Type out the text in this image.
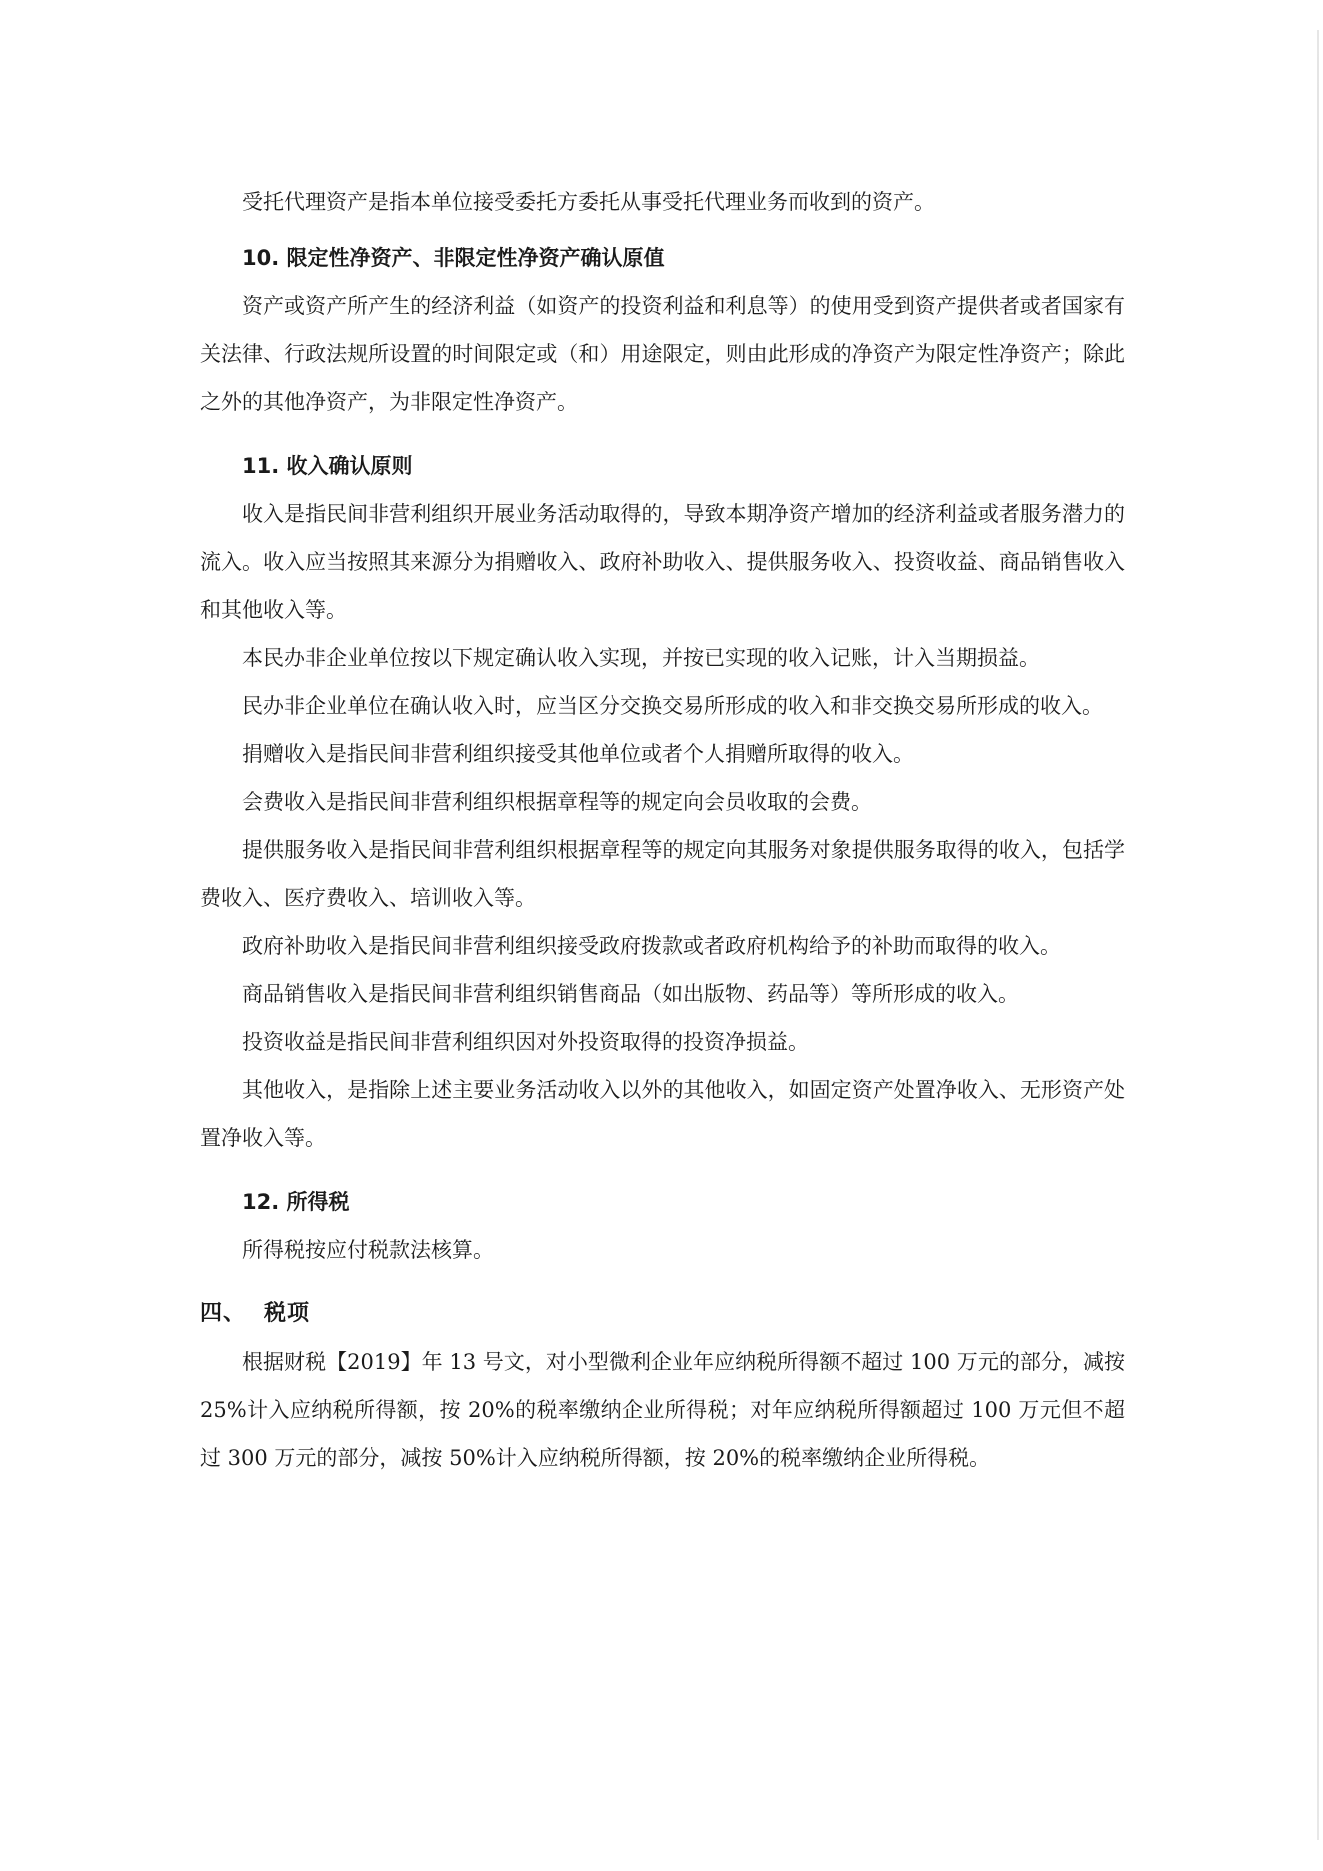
受托代理资产是指本单位接受委托方委托从事受托代理业务而收到的资产。

10. 限定性净资产、非限定性净资产确认原值

资产或资产所产生的经济利益（如资产的投资利益和利息等）的使用受到资产提供者或者国家有关法律、行政法规所设置的时间限定或（和）用途限定，则由此形成的净资产为限定性净资产；除此之外的其他净资产，为非限定性净资产。

11. 收入确认原则

收入是指民间非营利组织开展业务活动取得的，导致本期净资产增加的经济利益或者服务潜力的流入。收入应当按照其来源分为捐赠收入、政府补助收入、提供服务收入、投资收益、商品销售收入和其他收入等。

本民办非企业单位按以下规定确认收入实现，并按已实现的收入记账，计入当期损益。

民办非企业单位在确认收入时，应当区分交换交易所形成的收入和非交换交易所形成的收入。

捐赠收入是指民间非营利组织接受其他单位或者个人捐赠所取得的收入。

会费收入是指民间非营利组织根据章程等的规定向会员收取的会费。

提供服务收入是指民间非营利组织根据章程等的规定向其服务对象提供服务取得的收入，包括学费收入、医疗费收入、培训收入等。

政府补助收入是指民间非营利组织接受政府拨款或者政府机构给予的补助而取得的收入。

商品销售收入是指民间非营利组织销售商品（如出版物、药品等）等所形成的收入。

投资收益是指民间非营利组织因对外投资取得的投资净损益。

其他收入，是指除上述主要业务活动收入以外的其他收入，如固定资产处置净收入、无形资产处置净收入等。

12. 所得税

所得税按应付税款法核算。

四、 税项

根据财税【2019】年 13 号文，对小型微利企业年应纳税所得额不超过 100 万元的部分，减按 25%计入应纳税所得额，按 20%的税率缴纳企业所得税；对年应纳税所得额超过 100 万元但不超过 300 万元的部分，减按 50%计入应纳税所得额，按 20%的税率缴纳企业所得税。
